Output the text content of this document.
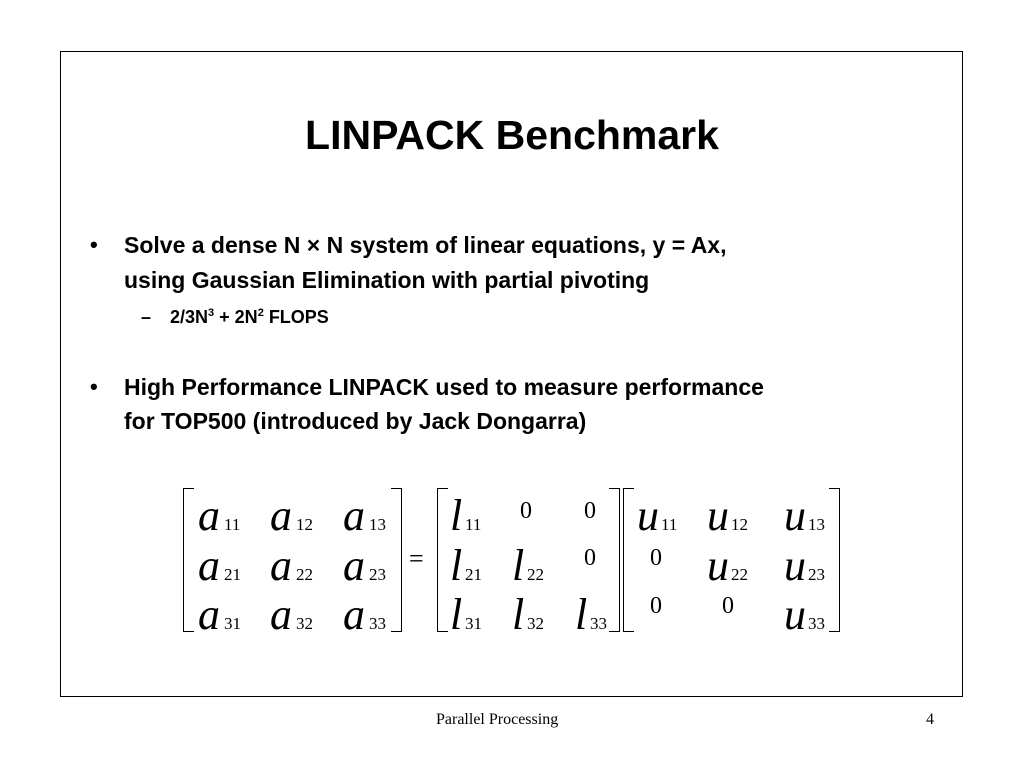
LINPACK Benchmark
• Solve a dense N × N system of linear equations, y = Ax,
using Gaussian Elimination with partial pivoting
– $2/3N^3 + 2N^2$ FLOPS
• High Performance LINPACK used to measure performance
for TOP500 (introduced by Jack Dongarra)
=
a 11 a 12 a 13
a 21 a 22 a 23
a 31 a 32 a 33
l 11
0 0
l 21 l 22
0
l 31 l 32 l 33
u 11 u 12 u 13
0 u 22 u 23
0	0 u 33
Parallel Processing	4
